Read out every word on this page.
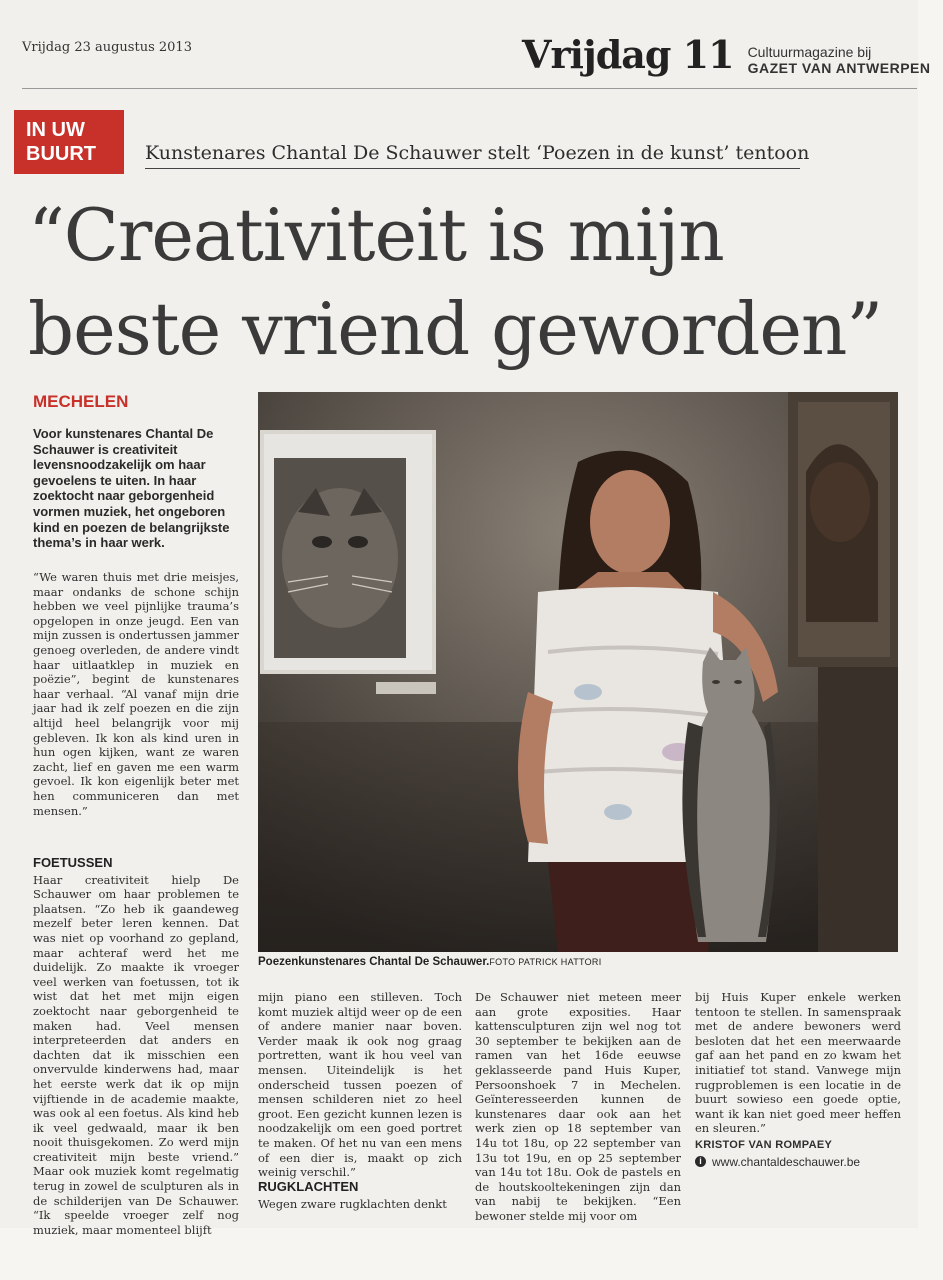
Vrijdag 23 augustus 2013	Vrijdag 11 Cultuurmagazine bij
GAZET VAN ANTWERPEN
IN UW
BUURT	Kunstenares Chantal De Schauwer stelt ‘Poezen in de kunst’ tentoon
“Creativiteit is mijn
beste vriend geworden”
MECHELEN
Voor kunstenares Chantal De Schauwer is creativiteit levensnoodzakelijk om haar gevoelens te uiten. In haar zoektocht naar geborgenheid vormen muziek, het ongeboren kind en poezen de belangrijkste thema’s in haar werk.

“We waren thuis met drie meisjes, maar ondanks de schone schijn hebben we veel pijnlijke trauma’s opgelopen in onze jeugd. Een van mijn zussen is ondertussen jammer genoeg overleden, de andere vindt haar uitlaatklep in muziek en poëzie”, begint de kunstenares haar verhaal. “Al vanaf mijn drie jaar had ik zelf poezen en die zijn altijd heel belangrijk voor mij gebleven. Ik kon als kind uren in hun ogen kijken, want ze waren zacht, lief en gaven me een warm gevoel. Ik kon eigenlijk beter met hen communiceren dan met mensen.”

FOETUSSEN

Haar creativiteit hielp De Schauwer om haar problemen te plaatsen. “Zo heb ik gaandeweg mezelf beter leren kennen. Dat was niet op voorhand zo gepland, maar achteraf werd het me duidelijk. Zo maakte ik vroeger veel werken van foetussen, tot ik wist dat het met mijn eigen zoektocht naar geborgenheid te maken had. Veel mensen interpreteerden dat anders en dachten dat ik misschien een onvervulde kinderwens had, maar het eerste werk dat ik op mijn vijftiende in de academie maakte, was ook al een foetus. Als kind heb ik veel gedwaald, maar ik ben nooit thuisgekomen. Zo werd mijn creativiteit mijn beste vriend.” Maar ook muziek komt regelmatig terug in zowel de sculpturen als in de schilderijen van De Schauwer. “Ik speelde vroeger zelf nog muziek, maar momenteel blijft

Poezenkunstenares Chantal De Schauwer.FOTO PATRICK HATTORI

mijn piano een stilleven. Toch komt muziek altijd weer op de een of andere manier naar boven. Verder maak ik ook nog graag portretten, want ik hou veel van mensen. Uiteindelijk is het onderscheid tussen poezen of mensen schilderen niet zo heel groot. Een gezicht kunnen lezen is noodzakelijk om een goed portret te maken. Of het nu van een mens of een dier is, maakt op zich weinig verschil.”

RUGKLACHTEN

Wegen zware rugklachten denkt

De Schauwer niet meteen meer aan grote exposities. Haar kattensculpturen zijn wel nog tot 30 september te bekijken aan de ramen van het 16de eeuwse geklasseerde pand Huis Kuper, Persoonshoek 7 in Mechelen. Geïnteresseerden kunnen de kunstenares daar ook aan het werk zien op 18 september van 14u tot 18u, op 22 september van 13u tot 19u, en op 25 september van 14u tot 18u. Ook de pastels en de houtskooltekeningen zijn dan van nabij te bekijken. “Een bewoner stelde mij voor om

bij Huis Kuper enkele werken tentoon te stellen. In samenspraak met de andere bewoners werd besloten dat het een meerwaarde gaf aan het pand en zo kwam het initiatief tot stand. Vanwege mijn rugproblemen is een locatie in de buurt sowieso een goede optie, want ik kan niet goed meer heffen en sleuren.”

KRISTOF VAN ROMPAEY
i www.chantaldeschauwer.be
